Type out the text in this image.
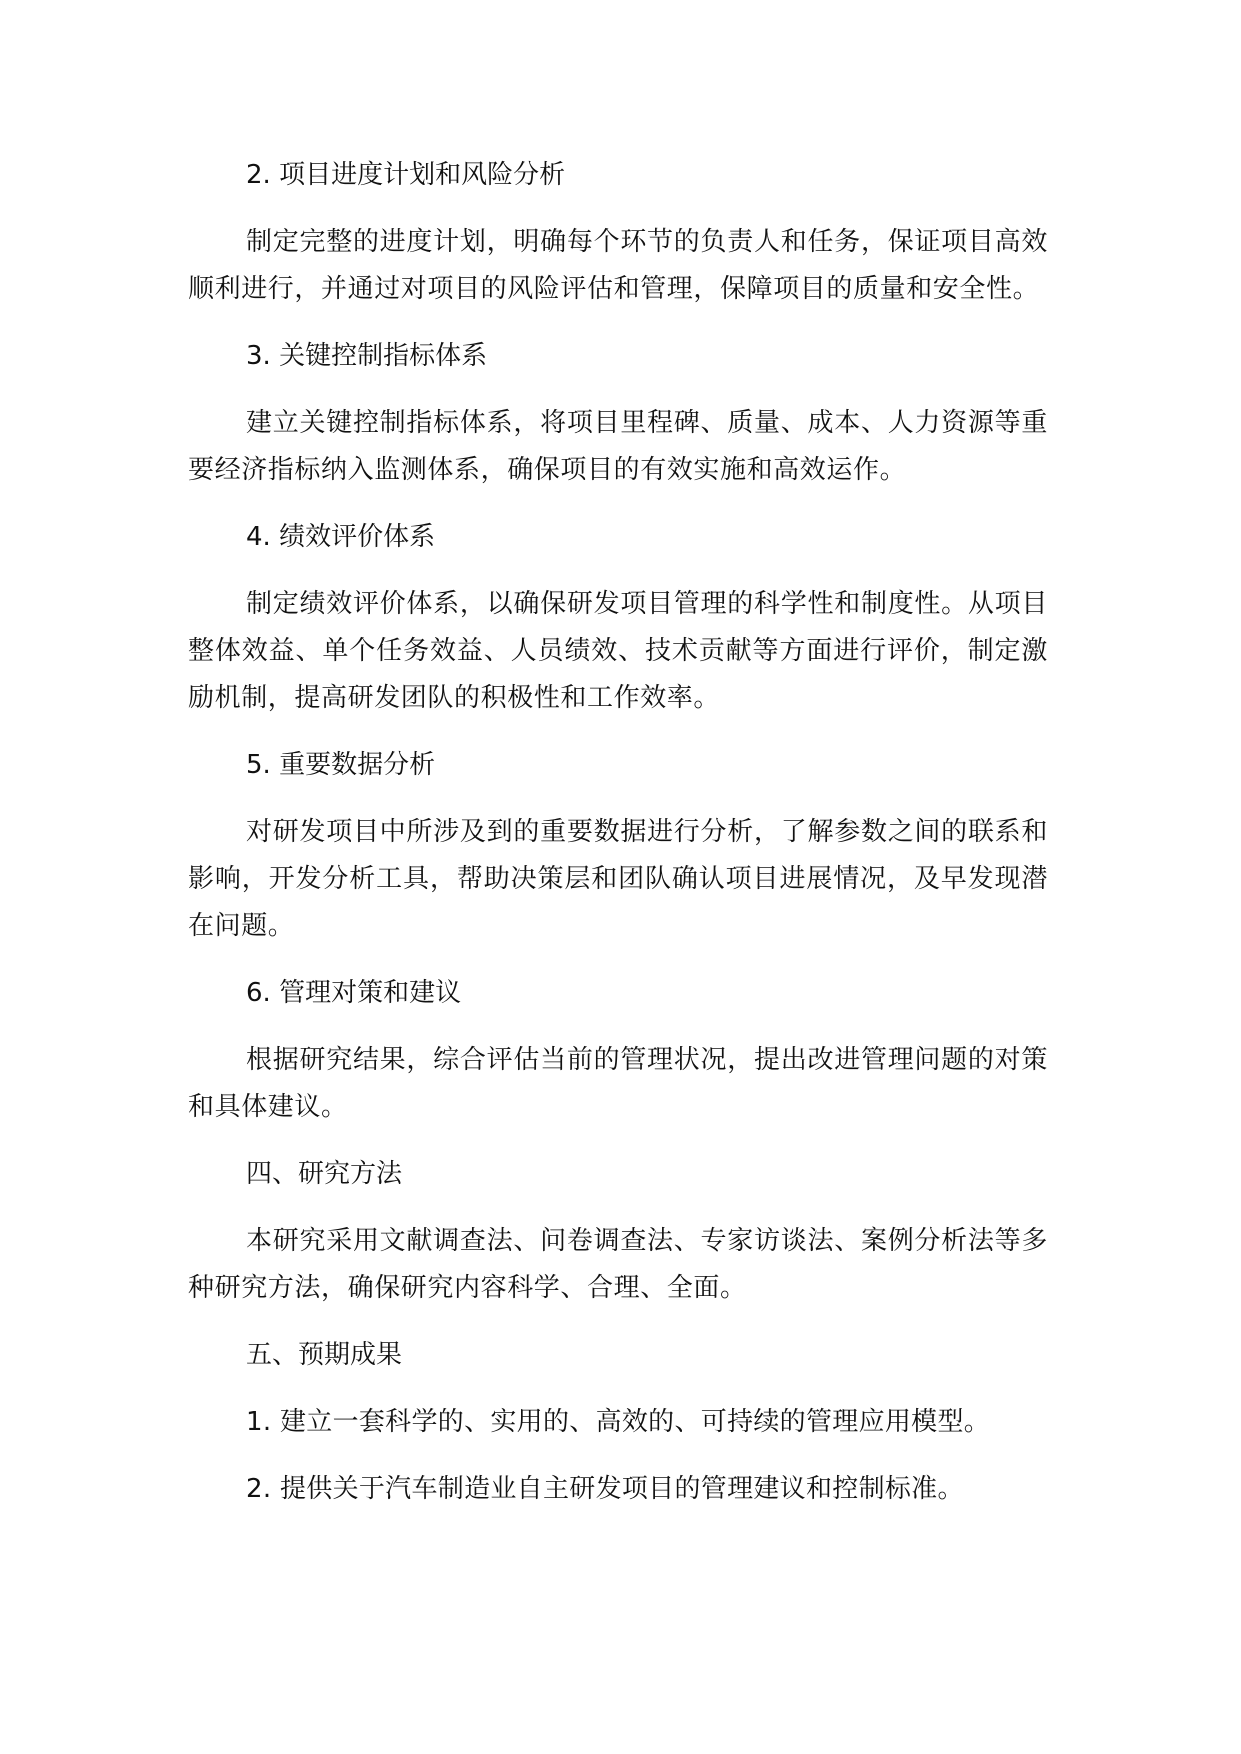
2. 项目进度计划和风险分析
制定完整的进度计划，明确每个环节的负责人和任务，保证项目高效顺利进行，并通过对项目的风险评估和管理，保障项目的质量和安全性。
3. 关键控制指标体系
建立关键控制指标体系，将项目里程碑、质量、成本、人力资源等重要经济指标纳入监测体系，确保项目的有效实施和高效运作。
4. 绩效评价体系
制定绩效评价体系，以确保研发项目管理的科学性和制度性。从项目整体效益、单个任务效益、人员绩效、技术贡献等方面进行评价，制定激励机制，提高研发团队的积极性和工作效率。
5. 重要数据分析
对研发项目中所涉及到的重要数据进行分析，了解参数之间的联系和影响，开发分析工具，帮助决策层和团队确认项目进展情况，及早发现潜在问题。
6. 管理对策和建议
根据研究结果，综合评估当前的管理状况，提出改进管理问题的对策和具体建议。
四、研究方法
本研究采用文献调查法、问卷调查法、专家访谈法、案例分析法等多种研究方法，确保研究内容科学、合理、全面。
五、预期成果
1. 建立一套科学的、实用的、高效的、可持续的管理应用模型。
2. 提供关于汽车制造业自主研发项目的管理建议和控制标准。
